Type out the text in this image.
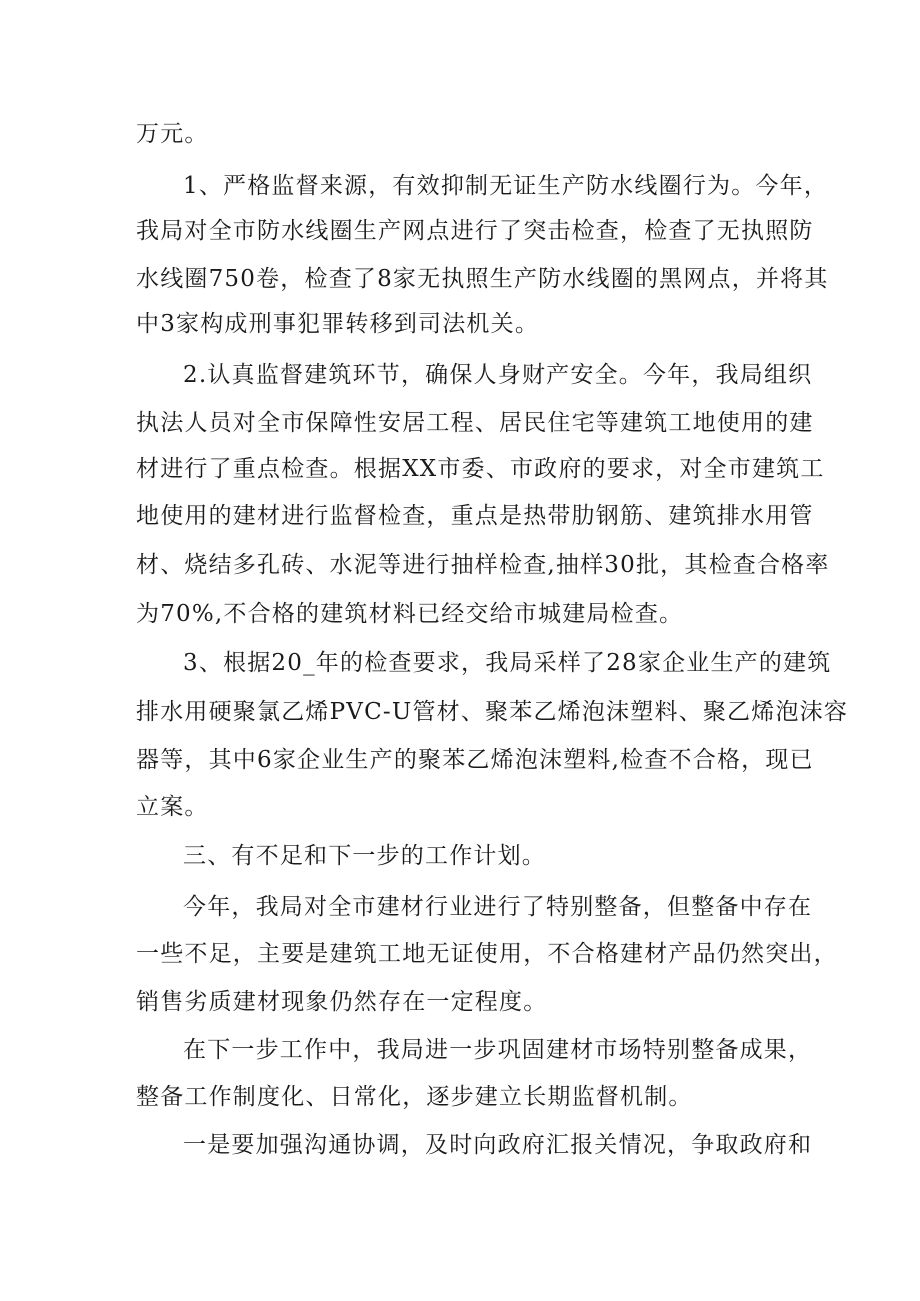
万元。

1、严格监督来源，有效抑制无证生产防水线圈行为。今年，

我局对全市防水线圈生产网点进行了突击检查，检查了无执照防

水线圈750卷，检查了8家无执照生产防水线圈的黑网点，并将其

中3家构成刑事犯罪转移到司法机关。

2.认真监督建筑环节，确保人身财产安全。今年，我局组织

执法人员对全市保障性安居工程、居民住宅等建筑工地使用的建

材进行了重点检查。根据XX市委、市政府的要求，对全市建筑工

地使用的建材进行监督检查，重点是热带肋钢筋、建筑排水用管

材、烧结多孔砖、水泥等进行抽样检查,抽样30批，其检查合格率

为70%,不合格的建筑材料已经交给市城建局检查。

3、根据20_年的检查要求，我局采样了28家企业生产的建筑

排水用硬聚氯乙烯PVC-U管材、聚苯乙烯泡沫塑料、聚乙烯泡沫容

器等，其中6家企业生产的聚苯乙烯泡沫塑料,检查不合格，现已

立案。

三、有不足和下一步的工作计划。

今年，我局对全市建材行业进行了特别整备，但整备中存在

一些不足，主要是建筑工地无证使用，不合格建材产品仍然突出，

销售劣质建材现象仍然存在一定程度。

在下一步工作中，我局进一步巩固建材市场特别整备成果，

整备工作制度化、日常化，逐步建立长期监督机制。

一是要加强沟通协调，及时向政府汇报关情况，争取政府和
